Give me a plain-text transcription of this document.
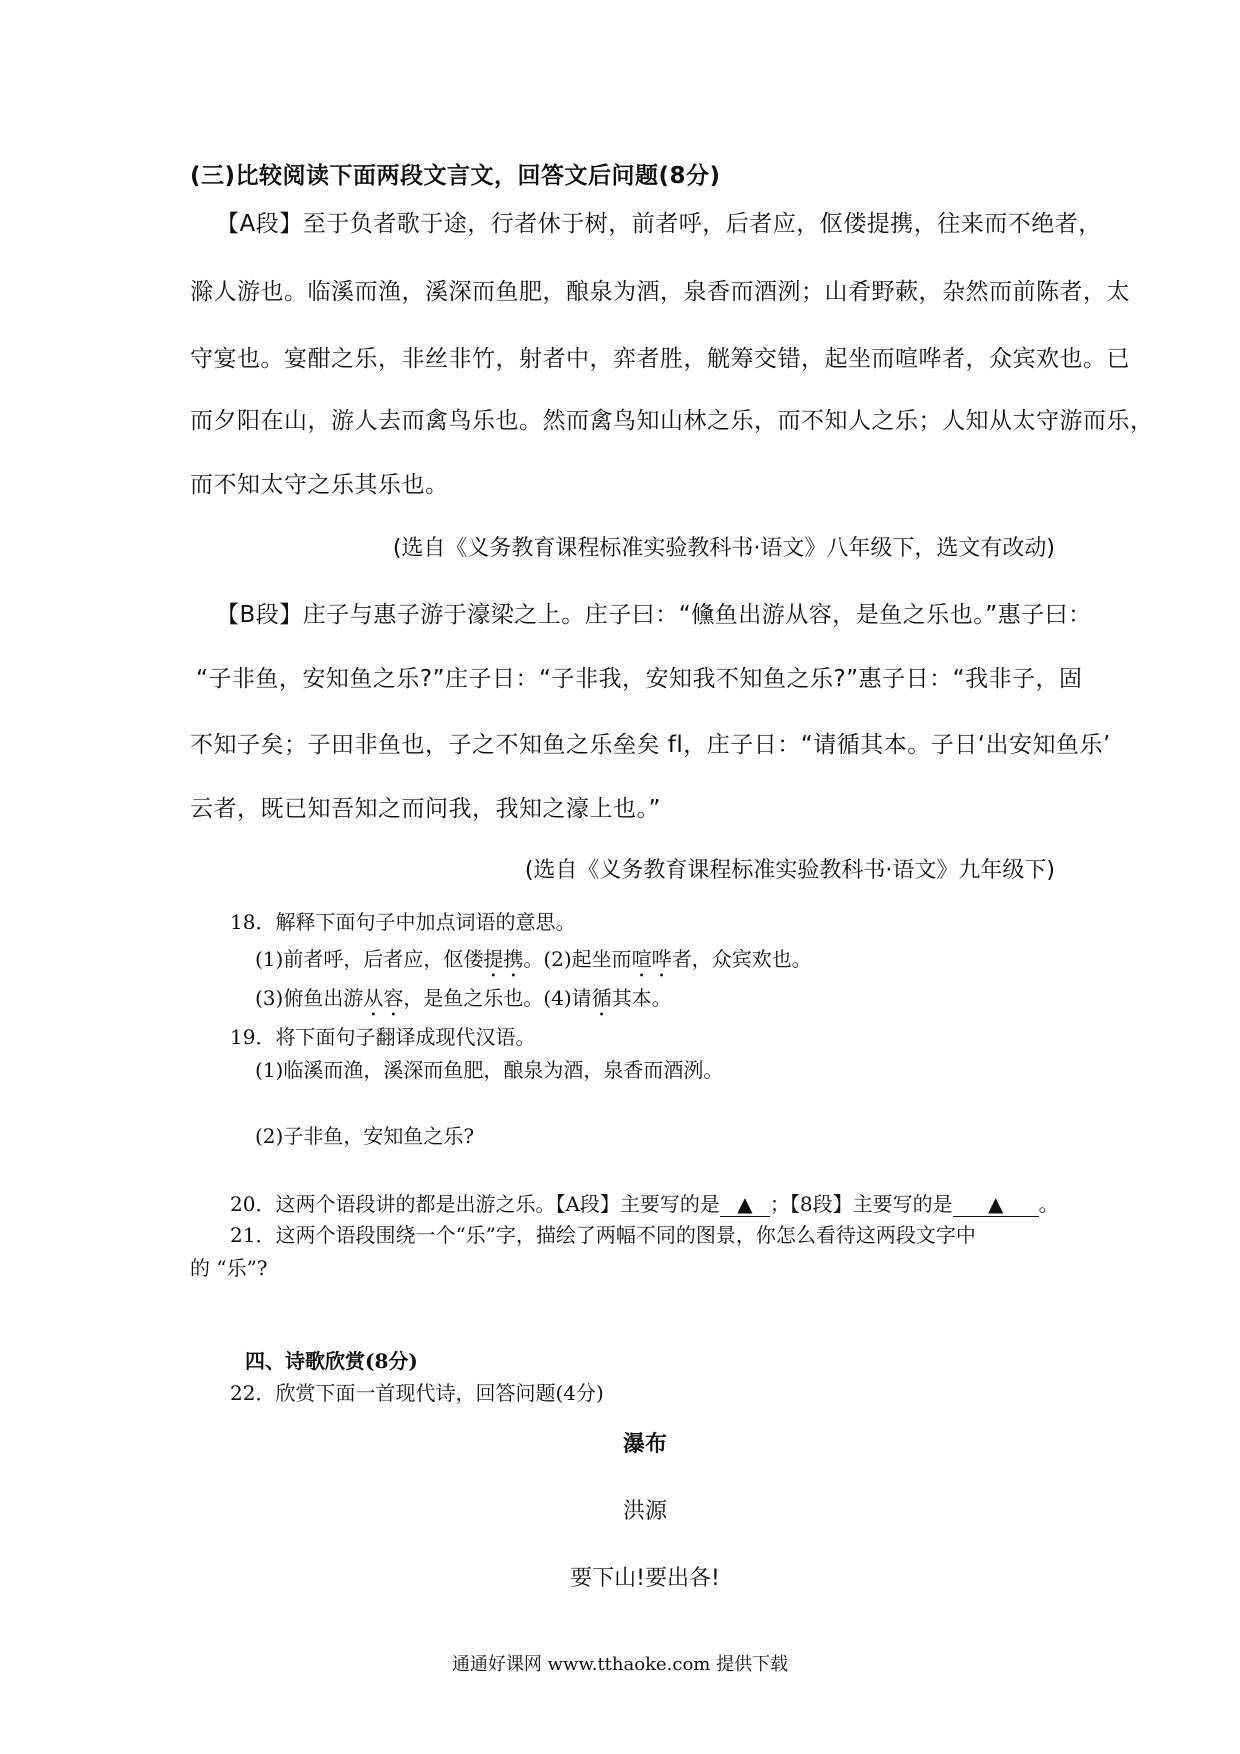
(三)比较阅读下面两段文言文，回答文后问题(8分)
【A段】至于负者歌于途，行者休于树，前者呼，后者应，伛偻提携，往来而不绝者，
滁人游也。临溪而渔，溪深而鱼肥，酿泉为酒，泉香而酒洌；山肴野蔌，杂然而前陈者，太
守宴也。宴酣之乐，非丝非竹，射者中，弈者胜，觥筹交错，起坐而喧哗者，众宾欢也。已
而夕阳在山，游人去而禽鸟乐也。然而禽鸟知山林之乐，而不知人之乐；人知从太守游而乐，
而不知太守之乐其乐也。
(选自《义务教育课程标准实验教科书·语文》八年级下，选文有改动)
【B段】庄子与惠子游于濠梁之上。庄子曰：“儵鱼出游从容，是鱼之乐也。”惠子曰：
“子非鱼，安知鱼之乐?”庄子日：“子非我，安知我不知鱼之乐?”惠子日：“我非子，固
不知子矣；子田非鱼也，子之不知鱼之乐垒矣 fl，庄子日：“请循其本。子日‘出安知鱼乐’
云者，既已知吾知之而问我，我知之濠上也。”
(选自《义务教育课程标准实验教科书·语文》九年级下)
18．解释下面句子中加点词语的意思。
(1)前者呼，后者应，伛偻提携。(2)起坐而喧哗者，众宾欢也。
(3)俯鱼出游从容，是鱼之乐也。(4)请循其本。
19．将下面句子翻译成现代汉语。
(1)临溪而渔，溪深而鱼肥，酿泉为酒，泉香而酒洌。
(2)子非鱼，安知鱼之乐?
20．这两个语段讲的都是出游之乐。【A段】主要写的是 ▲ ；【8段】主要写的是 ▲ 。
21．这两个语段围绕一个“乐”字，描绘了两幅不同的图景，你怎么看待这两段文字中
的 “乐”?
四、诗歌欣赏(8分)
22．欣赏下面一首现代诗，回答问题(4分)
瀑布
洪源
要下山!要出各!
通通好课网 www.tthaoke.com 提供下载
